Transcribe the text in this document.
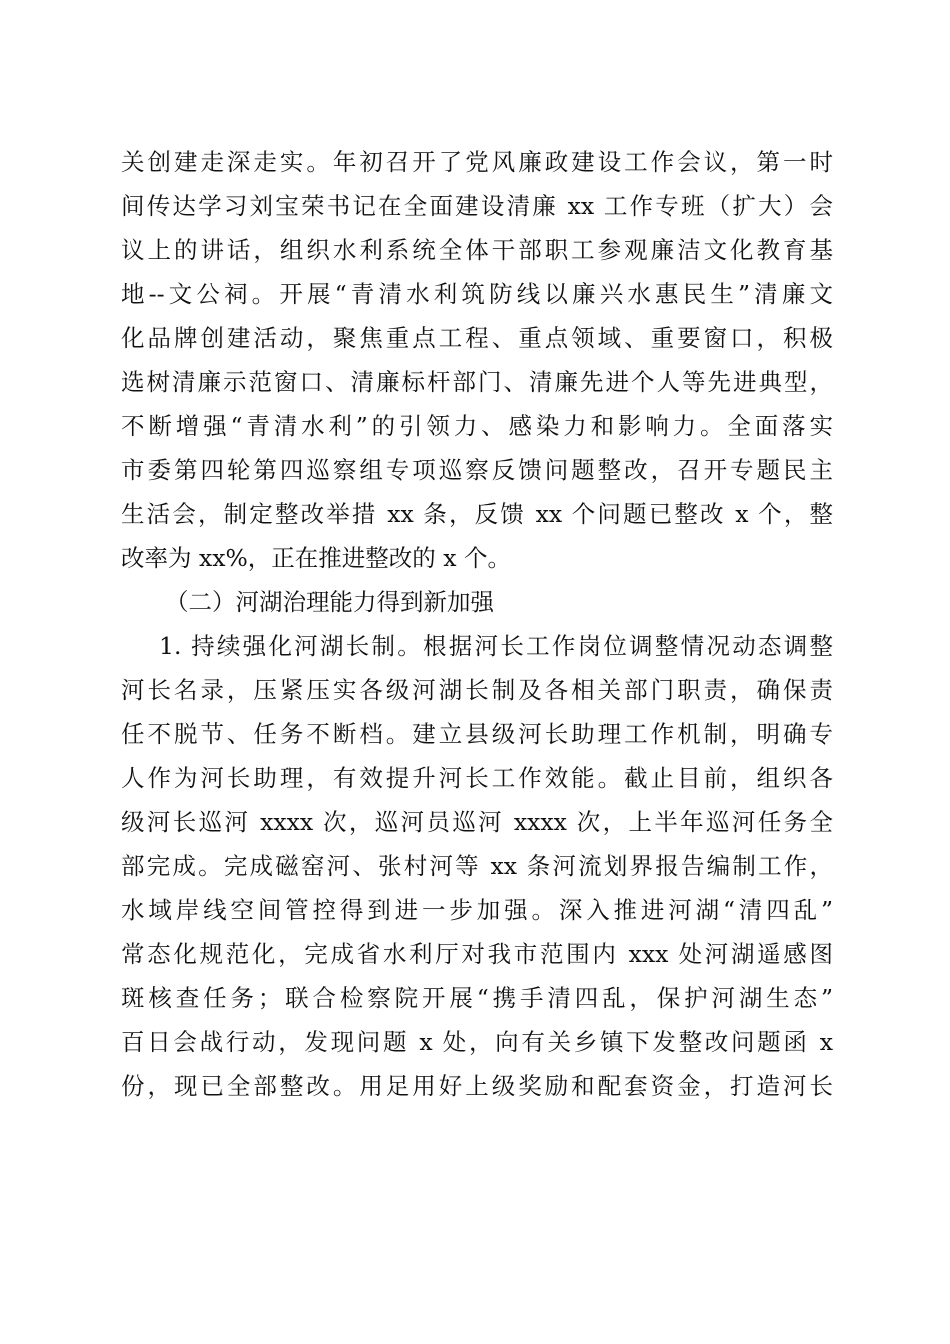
关创建走深走实。年初召开了党风廉政建设工作会议，第一时
间传达学习刘宝荣书记在全面建设清廉 xx 工作专班（扩大）会
议上的讲话，组织水利系统全体干部职工参观廉洁文化教育基
地--文公祠。开展“青清水利筑防线以廉兴水惠民生”清廉文
化品牌创建活动，聚焦重点工程、重点领域、重要窗口，积极
选树清廉示范窗口、清廉标杆部门、清廉先进个人等先进典型，
不断增强“青清水利”的引领力、感染力和影响力。全面落实
市委第四轮第四巡察组专项巡察反馈问题整改，召开专题民主
生活会，制定整改举措 xx 条，反馈 xx 个问题已整改 x 个，整
改率为 xx%，正在推进整改的 x 个。
（二）河湖治理能力得到新加强
1. 持续强化河湖长制。根据河长工作岗位调整情况动态调整
河长名录，压紧压实各级河湖长制及各相关部门职责，确保责
任不脱节、任务不断档。建立县级河长助理工作机制，明确专
人作为河长助理，有效提升河长工作效能。截止目前，组织各
级河长巡河 xxxx 次，巡河员巡河 xxxx 次，上半年巡河任务全
部完成。完成磁窑河、张村河等 xx 条河流划界报告编制工作，
水域岸线空间管控得到进一步加强。深入推进河湖“清四乱”
常态化规范化，完成省水利厅对我市范围内 xxx 处河湖遥感图
斑核查任务；联合检察院开展“携手清四乱，保护河湖生态”
百日会战行动，发现问题 x 处，向有关乡镇下发整改问题函 x
份，现已全部整改。用足用好上级奖励和配套资金，打造河长
